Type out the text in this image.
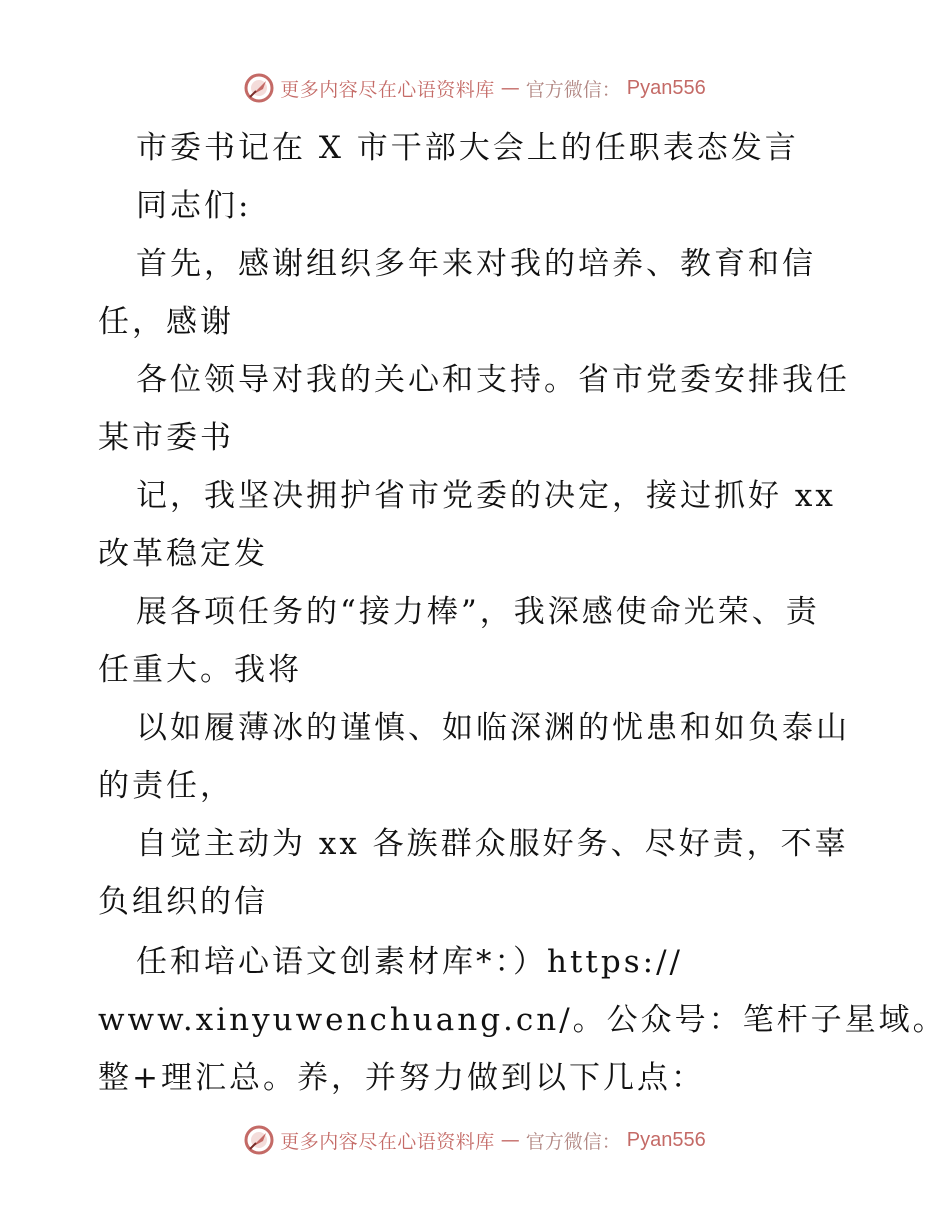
更多内容尽在心语资料库 — 官方微信： Pyan556
市委书记在 X 市干部大会上的任职表态发言
同志们:
首先，感谢组织多年来对我的培养、教育和信
任，感谢
各位领导对我的关心和支持。省市党委安排我任
某市委书
记，我坚决拥护省市党委的决定，接过抓好 xx
改革稳定发
展各项任务的“接力棒”，我深感使命光荣、责
任重大。我将
以如履薄冰的谨慎、如临深渊的忧患和如负泰山
的责任，
自觉主动为 xx 各族群众服好务、尽好责，不辜
负组织的信
任和培心语文创素材库*：）https://
www.xinyuwenchuang.cn/。公众号：笔杆子星域。
整+理汇总。养，并努力做到以下几点：
更多内容尽在心语资料库 — 官方微信： Pyan556
